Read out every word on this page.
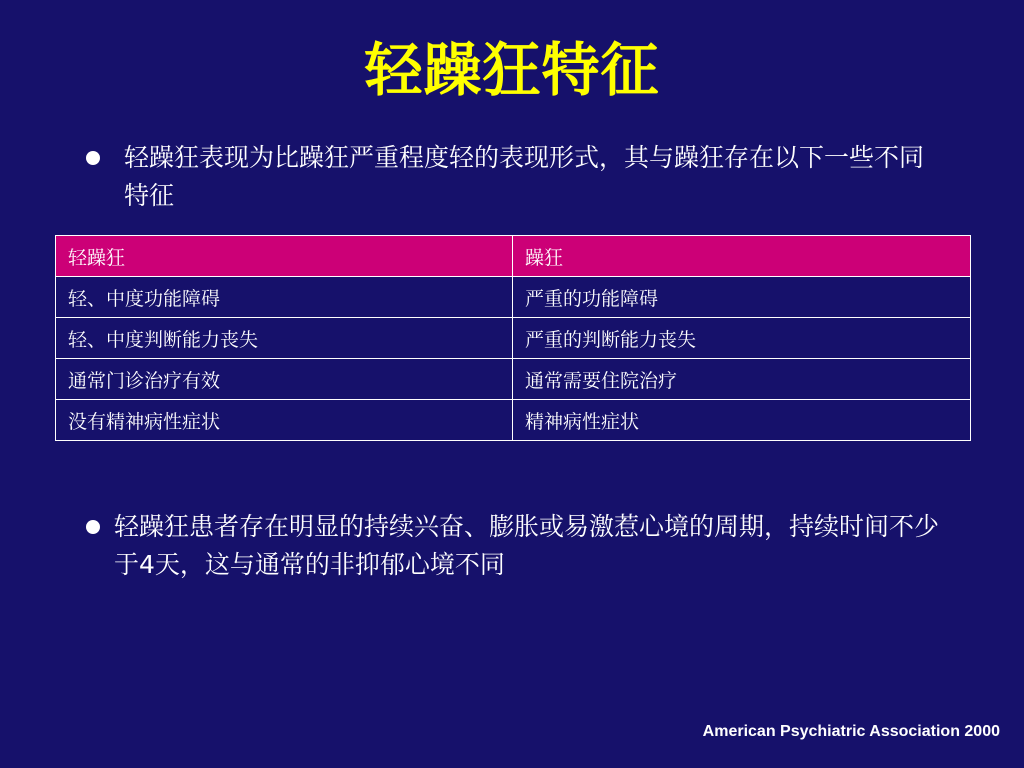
轻躁狂特征
轻躁狂表现为比躁狂严重程度轻的表现形式，其与躁狂存在以下一些不同特征
轻躁狂	躁狂
轻、中度功能障碍	严重的功能障碍
轻、中度判断能力丧失	严重的判断能力丧失
通常门诊治疗有效	通常需要住院治疗
没有精神病性症状	精神病性症状
轻躁狂患者存在明显的持续兴奋、膨胀或易激惹心境的周期，持续时间不少于4天，这与通常的非抑郁心境不同
American Psychiatric Association 2000
